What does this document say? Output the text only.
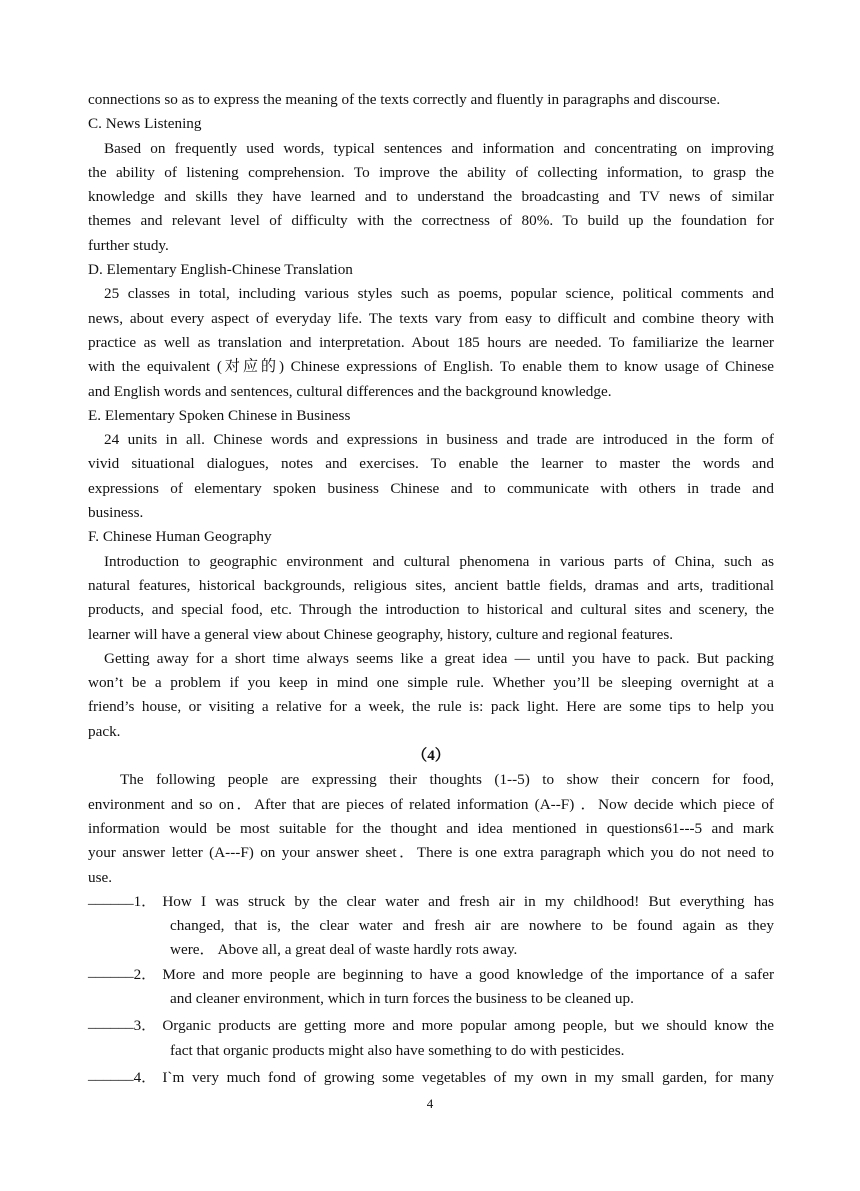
connections so as to express the meaning of the texts correctly and fluently in paragraphs and discourse.

C. News Listening

Based on frequently used words, typical sentences and information and concentrating on improving

the ability of listening comprehension. To improve the ability of collecting information, to grasp the

knowledge and skills they have learned and to understand the broadcasting and TV news of similar

themes and relevant level of difficulty with the correctness of 80%. To build up the foundation for

further study.

D. Elementary English-Chinese Translation

25 classes in total, including various styles such as poems, popular science, political comments and

news, about every aspect of everyday life. The texts vary from easy to difficult and combine theory with

practice as well as translation and interpretation. About 185 hours are needed. To familiarize the learner

with the equivalent (对应的) Chinese expressions of English. To enable them to know usage of Chinese

and English words and sentences, cultural differences and the background knowledge.

E. Elementary Spoken Chinese in Business

24 units in all. Chinese words and expressions in business and trade are introduced in the form of

vivid situational dialogues, notes and exercises. To enable the learner to master the words and

expressions of elementary spoken business Chinese and to communicate with others in trade and

business.

F. Chinese Human Geography

Introduction to geographic environment and cultural phenomena in various parts of China, such as

natural features, historical backgrounds, religious sites, ancient battle fields, dramas and arts, traditional

products, and special food, etc. Through the introduction to historical and cultural sites and scenery, the

learner will have a general view about Chinese geography, history, culture and regional features.

Getting away for a short time always seems like a great idea — until you have to pack. But packing

won’t be a problem if you keep in mind one simple rule. Whether you’ll be sleeping overnight at a

friend’s house, or visiting a relative for a week, the rule is: pack light. Here are some tips to help you

pack.

（4）

The following people are expressing their thoughts (1--5) to show their concern for food,

environment and so on．After that are pieces of related information (A--F) ．Now decide which piece of

information would be most suitable for the thought and idea mentioned in questions61---5 and mark

your answer letter (A---F) on your answer sheet．There is one extra paragraph which you do not need to

use.

______ 1． How I was struck by the clear water and fresh air in my childhood! But everything has

changed, that is, the clear water and fresh air are nowhere to be found again as they

were． Above all, a great deal of waste hardly rots away.

______ 2． More and more people are beginning to have a good knowledge of the importance of a safer

and cleaner environment, which in turn forces the business to be cleaned up.

______ 3． Organic products are getting more and more popular among people, but we should know the

fact that organic products might also have something to do with pesticides.

______ 4． I`m very much fond of growing some vegetables of my own in my small garden, for many
4
